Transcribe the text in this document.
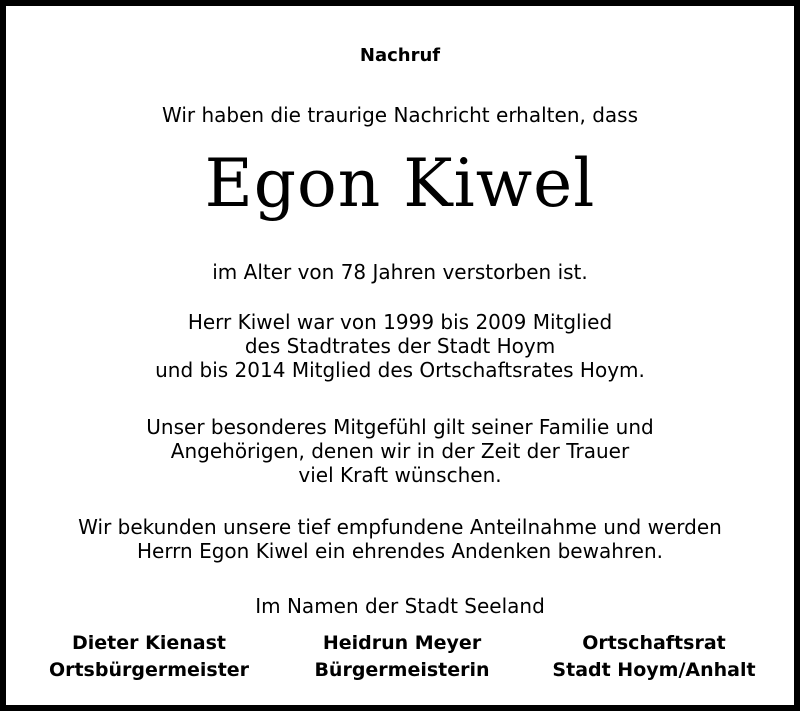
Nachruf
Wir haben die traurige Nachricht erhalten, dass
Egon Kiwel
im Alter von 78 Jahren verstorben ist.
Herr Kiwel war von 1999 bis 2009 Mitglied
des Stadtrates der Stadt Hoym
und bis 2014 Mitglied des Ortschaftsrates Hoym.
Unser besonderes Mitgefühl gilt seiner Familie und
Angehörigen, denen wir in der Zeit der Trauer
viel Kraft wünschen.
Wir bekunden unsere tief empfundene Anteilnahme und werden
Herrn Egon Kiwel ein ehrendes Andenken bewahren.
Im Namen der Stadt Seeland
Dieter Kienast
Ortsbürgermeister
Heidrun Meyer
Bürgermeisterin
Ortschaftsrat
Stadt Hoym/Anhalt
